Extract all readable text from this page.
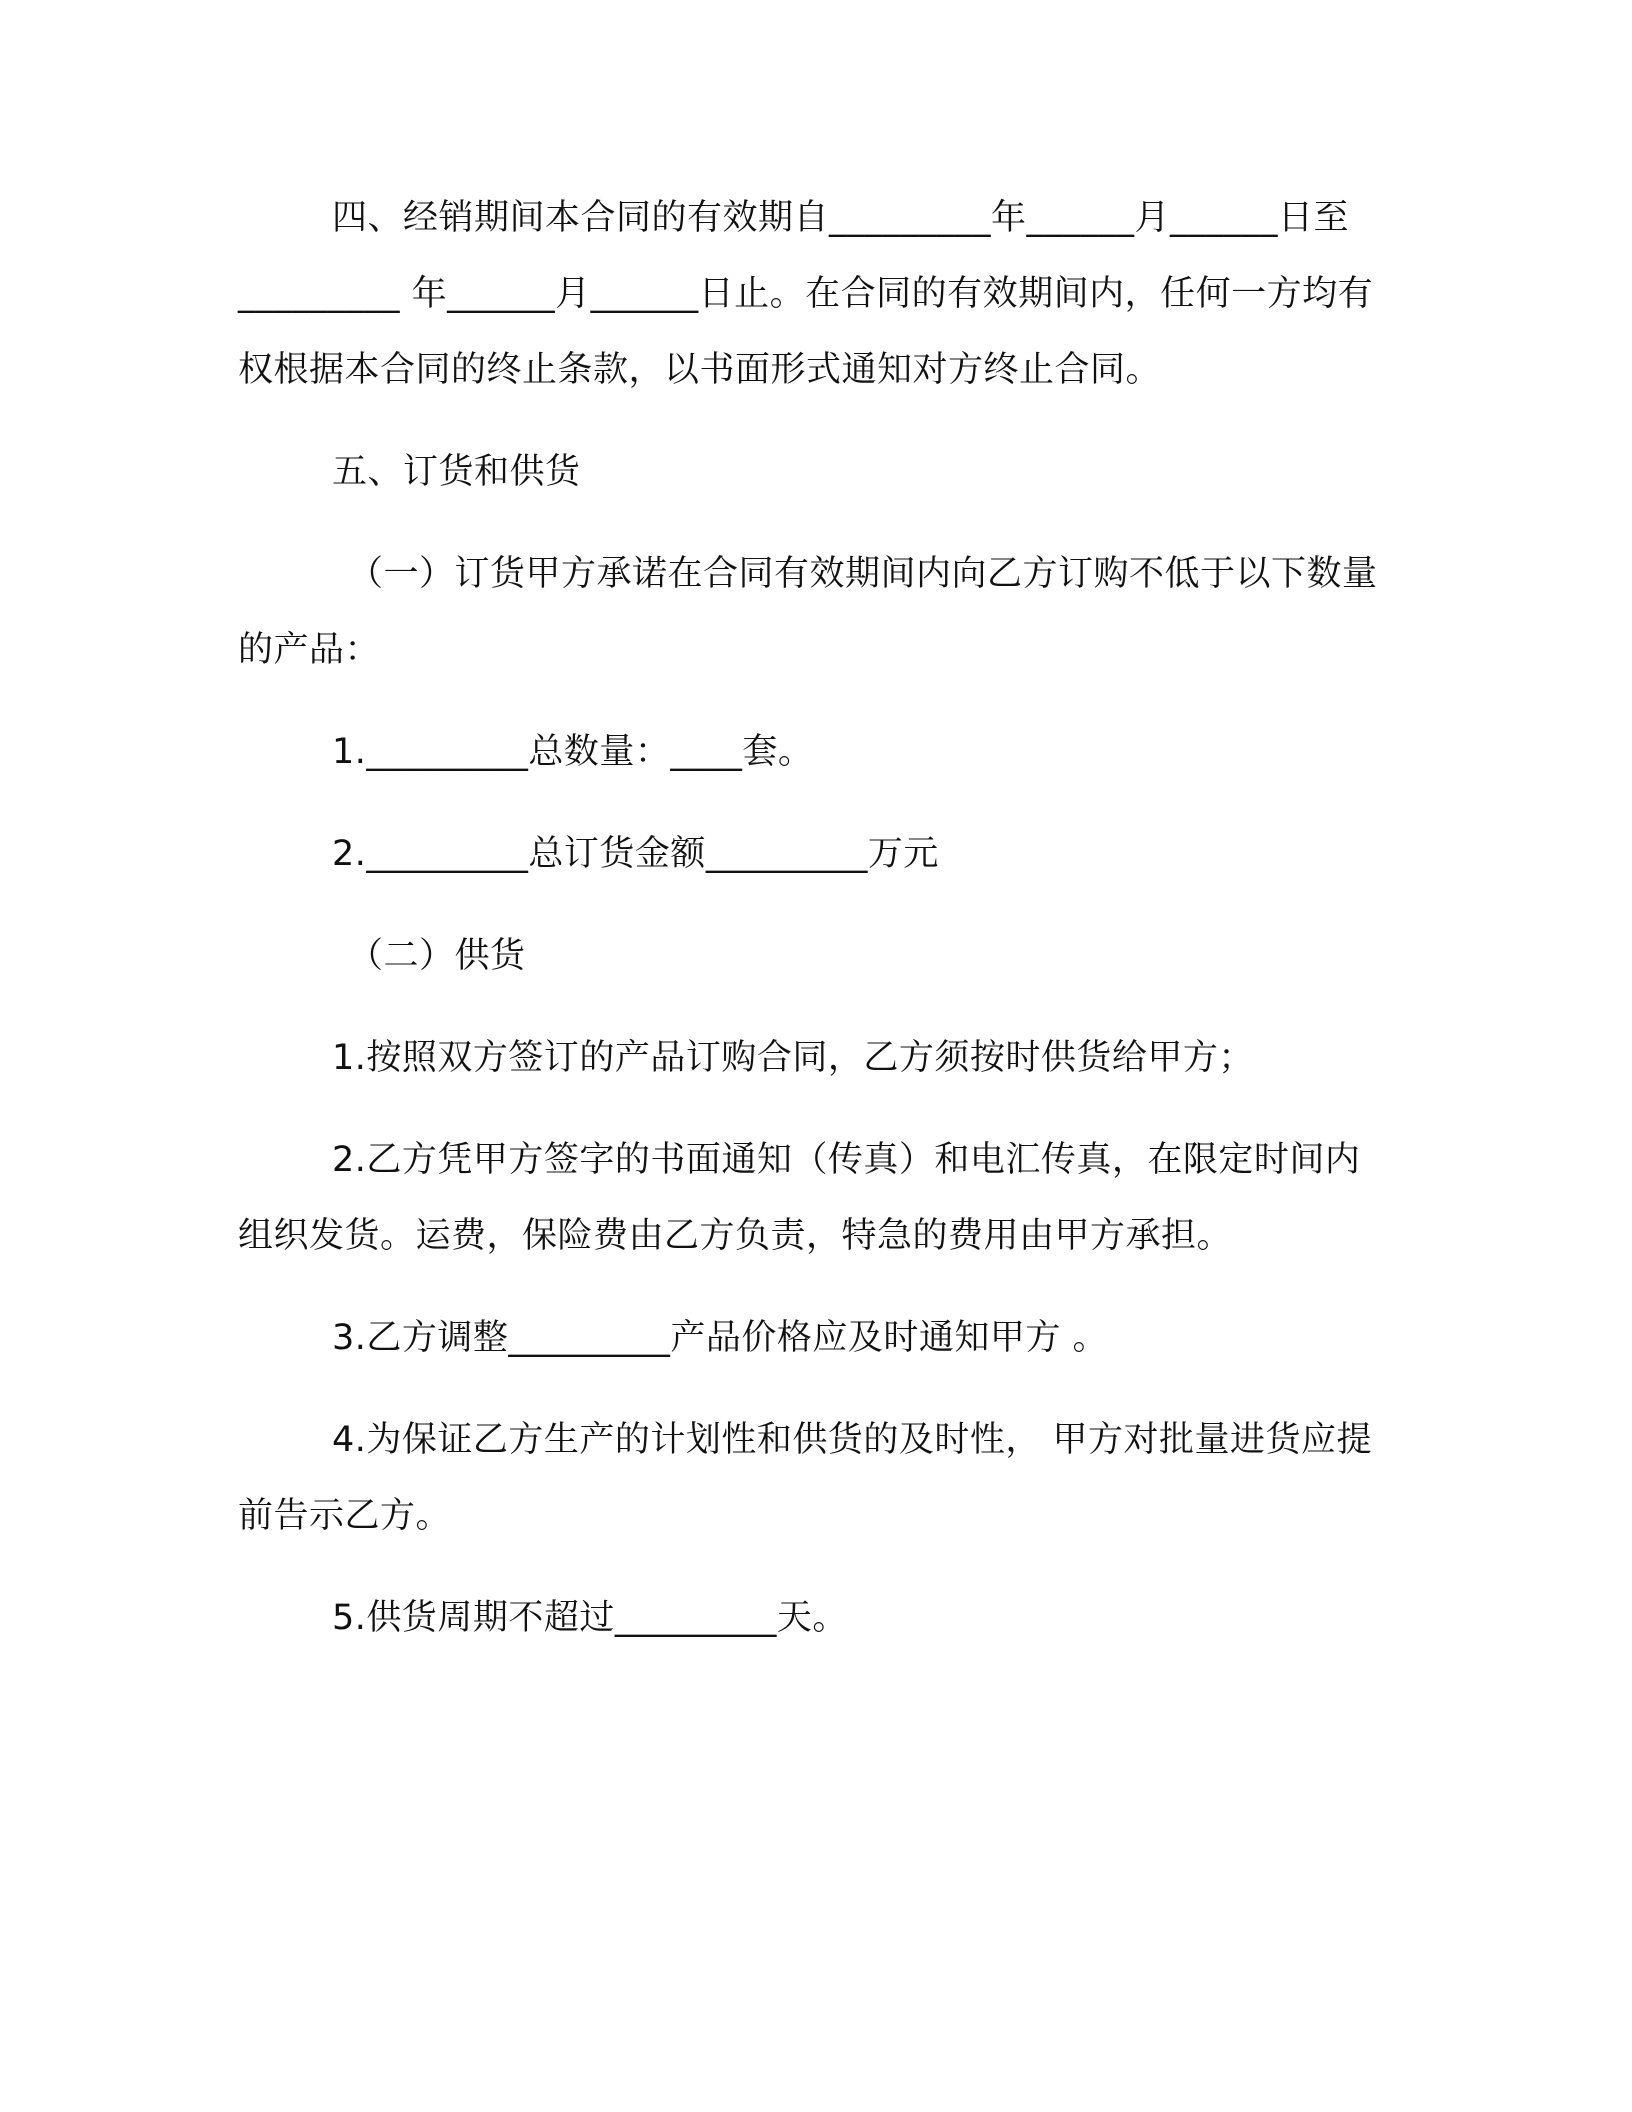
四、经销期间本合同的有效期自_________年______月______日至_________ 年______月______日止。在合同的有效期间内，任何一方均有权根据本合同的终止条款，以书面形式通知对方终止合同。

五、订货和供货

（一）订货甲方承诺在合同有效期间内向乙方订购不低于以下数量的产品：

1._________总数量：____套。

2._________总订货金额_________万元

（二）供货

1.按照双方签订的产品订购合同，乙方须按时供货给甲方；

2.乙方凭甲方签字的书面通知（传真）和电汇传真，在限定时间内组织发货。运费，保险费由乙方负责，特急的费用由甲方承担。

3.乙方调整_________产品价格应及时通知甲方 。

4.为保证乙方生产的计划性和供货的及时性， 甲方对批量进货应提前告示乙方。

5.供货周期不超过_________天。
